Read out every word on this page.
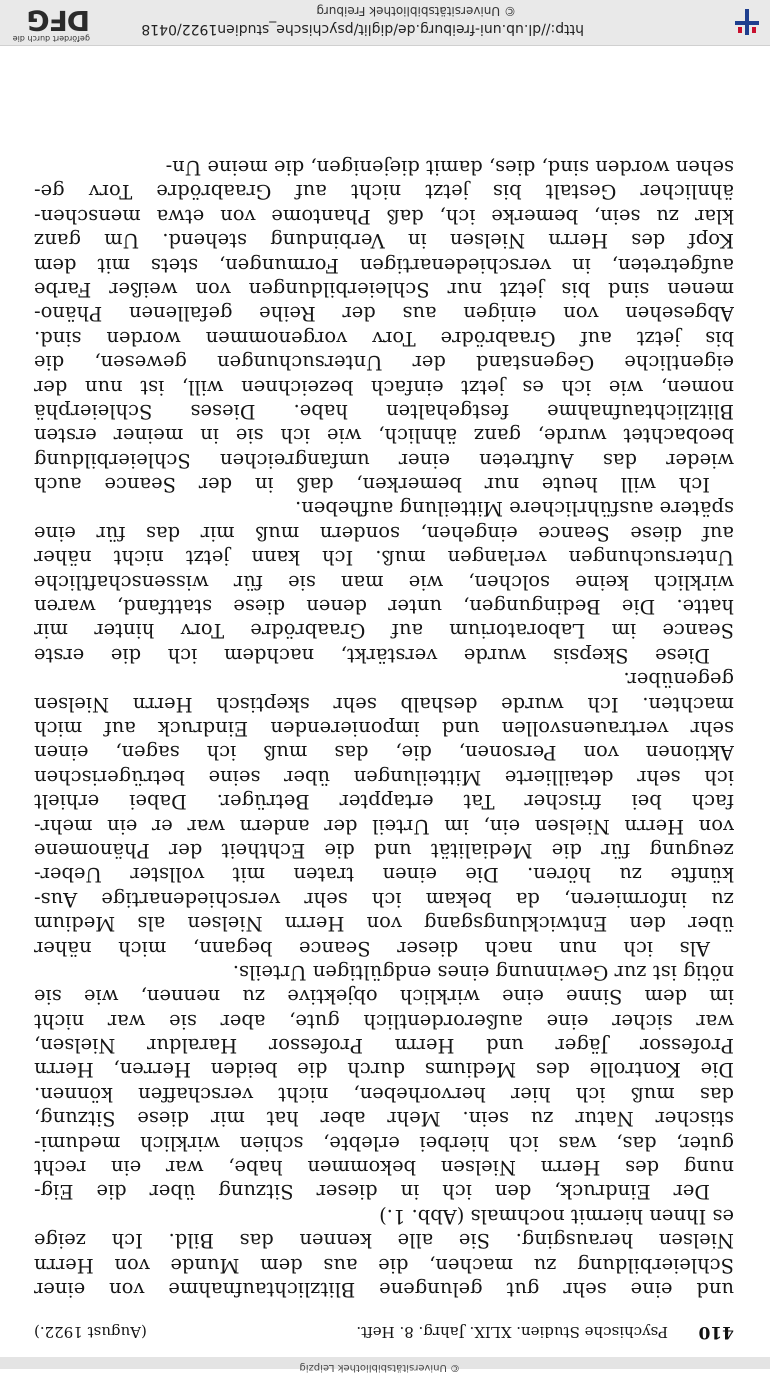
© Universitätsbibliothek Leipzig
410
Psychische Studien. XLIX. Jahrg. 8. Heft.
(August 1922.)
und eine sehr gut gelungene Blitzlichtaufnahme von einer
Schleierbildung zu machen, die aus dem Munde von Herrn
Nielsen herausging. Sie alle kennen das Bild. Ich zeige
es Ihnen hiermit nochmals (Abb. 1.)
Der Eindruck, den ich in dieser Sitzung über die Eig-
nung des Herrn Nielsen bekommen habe, war ein recht
guter, das, was ich hierbei erlebte, schien wirklich medumi-
stischer Natur zu sein. Mehr aber hat mir diese Sitzung,
das muß ich hier hervorheben, nicht verschaffen können.
Die Kontrolle des Mediums durch die beiden Herren, Herrn
Professor Jäger und Herrn Professor Haraldur Nielsen,
war sicher eine außerordentlich gute, aber sie war nicht
im dem Sinne eine wirklich objektive zu nennen, wie sie
nötig ist zur Gewinnung eines endgültigen Urteils.
Als ich nun nach dieser Seance begann, mich näher
über den Entwicklungsgang von Herrn Nielsen als Medium
zu informieren, da bekam ich sehr verschiedenartige Aus-
künfte zu hören. Die einen traten mit vollster Ueber-
zeugung für die Medialität und die Echtheit der Phänomene
von Herrn Nielsen ein, im Urteil der andern war er ein mehr-
fach bei frischer Tat ertappter Betrüger. Dabei erhielt
ich sehr detaillierte Mitteilungen über seine betrügerischen
Aktionen von Personen, die, das muß ich sagen, einen
sehr vertrauensvollen und imponierenden Eindruck auf mich
machten. Ich wurde deshalb sehr skeptisch Herrn Nielsen
gegenüber.
Diese Skepsis wurde verstärkt, nachdem ich die erste
Seance im Laboratorium auf Graabrödre Torv hinter mir
hatte. Die Bedingungen, unter denen diese stattfand, waren
wirklich keine solchen, wie man sie für wissenschaftliche
Untersuchungen verlangen muß. Ich kann jetzt nicht näher
auf diese Seance eingehen, sondern muß mir das für eine
spätere ausführlichere Mitteilung aufheben.
Ich will heute nur bemerken, daß in der Seance auch
wieder das Auftreten einer umfangreichen Schleierbildung
beobachtet wurde, ganz ähnlich, wie ich sie in meiner ersten
Blitzlichtaufnahme festgehalten habe. Dieses Schleierphä
nomen, wie ich es jetzt einfach bezeichnen will, ist nun der
eigentliche Gegenstand der Untersuchungen gewesen, die
bis jetzt auf Graabrödre Torv vorgenommen worden sind.
Abgesehen von einigen aus der Reihe gefallenen Phäno-
menen sind bis jetzt nur Schleierbildungen von weißer Farbe
aufgetreten, in verschiedenartigen Formungen, stets mit dem
Kopf des Herrn Nielsen in Verbindung stehend. Um ganz
klar zu sein, bemerke ich, daß Phantome von etwa menschen-
ähnlicher Gestalt bis jetzt nicht auf Graabrödre Torv ge-
sehen worden sind, dies, damit diejenigen, die meine Un-
http://dl.ub.uni-freiburg.de/diglit/psychische_studien1922/0418
© Universitätsbibliothek Freiburg
gefördert durch die
DFG
